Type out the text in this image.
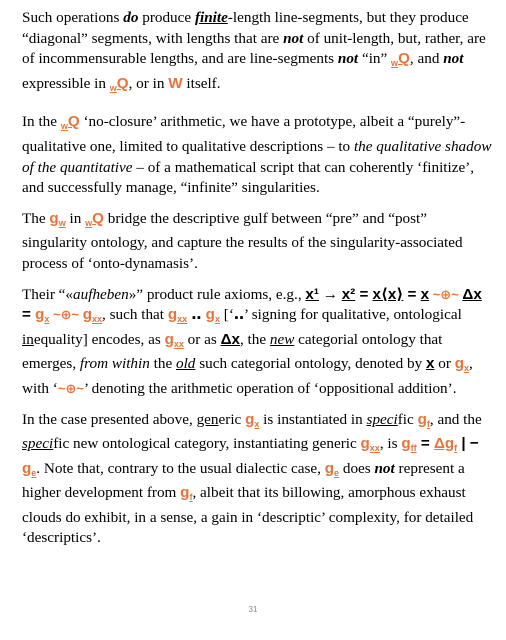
Such operations do produce finite-length line-segments, but they produce “diagonal” segments, with lengths that are not of unit-length, but, rather, are of incommensurable lengths, and are line-segments not “in” wQ, and not expressible in wQ, or in W itself.

In the wQ ‘no-closure’ arithmetic, we have a prototype, albeit a “purely”-qualitative one, limited to qualitative descriptions – to the qualitative shadow of the quantitative – of a mathematical script that can coherently ‘finitize’, and successfully manage, “infinite” singularities.

The gw in wQ bridge the descriptive gulf between “pre” and “post” singularity ontology, and capture the results of the singularity-associated process of ‘onto-dynamasis’.

Their “«aufheben»” product rule axioms, e.g., x¹ → x² = x⟨x⟩ = x ~⊕~ Δx = gx ~⊕~ gxx, such that gxx ․․ gx [‘․․’ signing for qualitative, ontological inequality] encodes, as gxx or as Δx, the new categorial ontology that emerges, from within the old such categorial ontology, denoted by x or gx, with ‘~⊕~’ denoting the arithmetic operation of ‘oppositional addition’.

In the case presented above, generic gx is instantiated in specific gf, and the specific new ontological category, instantiating generic gxx, is gff = Δgf | − ge. Note that, contrary to the usual dialectic case, ge does not represent a higher development from gf, albeit that its billowing, amorphous exhaust clouds do exhibit, in a sense, a gain in ‘descriptic’ complexity, for detailed ‘descriptics’.

31
